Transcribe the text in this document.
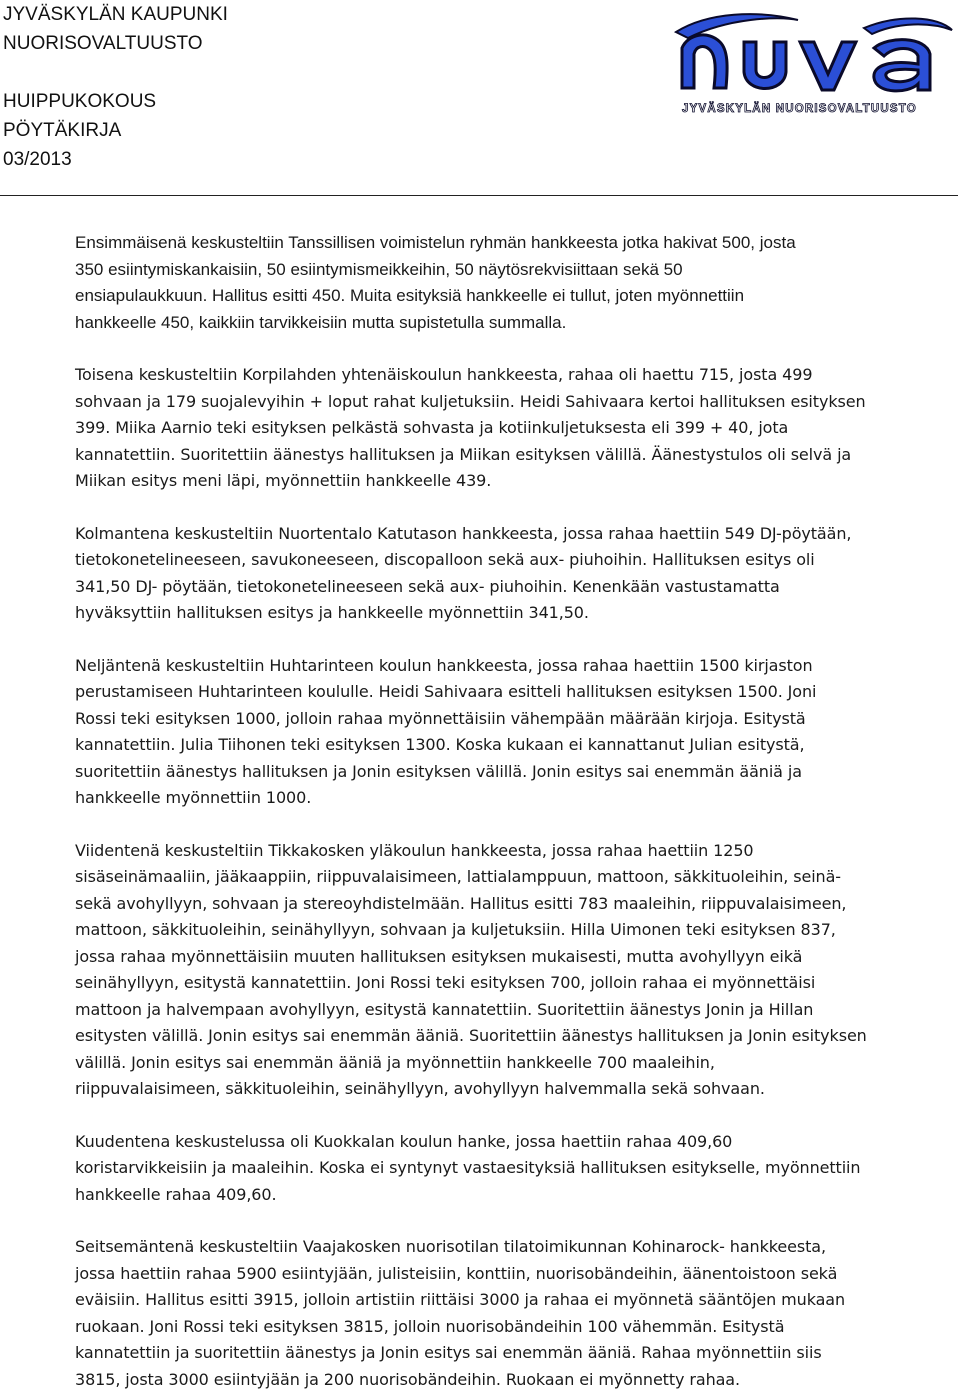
JYVÄSKYLÄN KAUPUNKI
NUORISOVALTUUSTO
HUIPPUKOKOUS
PÖYTÄKIRJA
03/2013
JYVÄSKYLÄN NUORISOVALTUUSTO
Ensimmäisenä keskusteltiin Tanssillisen voimistelun ryhmän hankkeesta jotka hakivat 500, josta
350 esiintymiskankaisiin, 50 esiintymismeikkeihin, 50 näytösrekvisiittaan sekä 50
ensiapulaukkuun. Hallitus esitti 450. Muita esityksiä hankkeelle ei tullut, joten myönnettiin
hankkeelle 450, kaikkiin tarvikkeisiin mutta supistetulla summalla.
Toisena keskusteltiin Korpilahden yhtenäiskoulun hankkeesta, rahaa oli haettu 715, josta 499
sohvaan ja 179 suojalevyihin + loput rahat kuljetuksiin. Heidi Sahivaara kertoi hallituksen esityksen
399. Miika Aarnio teki esityksen pelkästä sohvasta ja kotiinkuljetuksesta eli 399 + 40, jota
kannatettiin. Suoritettiin äänestys hallituksen ja Miikan esityksen välillä. Äänestystulos oli selvä ja
Miikan esitys meni läpi, myönnettiin hankkeelle 439.
Kolmantena keskusteltiin Nuortentalo Katutason hankkeesta, jossa rahaa haettiin 549 DJ-pöytään,
tietokonetelineeseen, savukoneeseen, discopalloon sekä aux- piuhoihin. Hallituksen esitys oli
341,50 DJ- pöytään, tietokonetelineeseen sekä aux- piuhoihin. Kenenkään vastustamatta
hyväksyttiin hallituksen esitys ja hankkeelle myönnettiin 341,50.
Neljäntenä keskusteltiin Huhtarinteen koulun hankkeesta, jossa rahaa haettiin 1500 kirjaston
perustamiseen Huhtarinteen koululle. Heidi Sahivaara esitteli hallituksen esityksen 1500. Joni
Rossi teki esityksen 1000, jolloin rahaa myönnettäisiin vähempään määrään kirjoja. Esitystä
kannatettiin. Julia Tiihonen teki esityksen 1300. Koska kukaan ei kannattanut Julian esitystä,
suoritettiin äänestys hallituksen ja Jonin esityksen välillä. Jonin esitys sai enemmän ääniä ja
hankkeelle myönnettiin 1000.
Viidentenä keskusteltiin Tikkakosken yläkoulun hankkeesta, jossa rahaa haettiin 1250
sisäseinämaaliin, jääkaappiin, riippuvalaisimeen, lattialamppuun, mattoon, säkkituoleihin, seinä-
sekä avohyllyyn, sohvaan ja stereoyhdistelmään. Hallitus esitti 783 maaleihin, riippuvalaisimeen,
mattoon, säkkituoleihin, seinähyllyyn, sohvaan ja kuljetuksiin. Hilla Uimonen teki esityksen 837,
jossa rahaa myönnettäisiin muuten hallituksen esityksen mukaisesti, mutta avohyllyyn eikä
seinähyllyyn, esitystä kannatettiin. Joni Rossi teki esityksen 700, jolloin rahaa ei myönnettäisi
mattoon ja halvempaan avohyllyyn, esitystä kannatettiin. Suoritettiin äänestys Jonin ja Hillan
esitysten välillä. Jonin esitys sai enemmän ääniä. Suoritettiin äänestys hallituksen ja Jonin esityksen
välillä. Jonin esitys sai enemmän ääniä ja myönnettiin hankkeelle 700 maaleihin,
riippuvalaisimeen, säkkituoleihin, seinähyllyyn, avohyllyyn halvemmalla sekä sohvaan.
Kuudentena keskustelussa oli Kuokkalan koulun hanke, jossa haettiin rahaa 409,60
koristarvikkeisiin ja maaleihin. Koska ei syntynyt vastaesityksiä hallituksen esitykselle, myönnettiin
hankkeelle rahaa 409,60.
Seitsemäntenä keskusteltiin Vaajakosken nuorisotilan tilatoimikunnan Kohinarock- hankkeesta,
jossa haettiin rahaa 5900 esiintyjään, julisteisiin, konttiin, nuorisobändeihin, äänentoistoon sekä
eväisiin. Hallitus esitti 3915, jolloin artistiin riittäisi 3000 ja rahaa ei myönnetä sääntöjen mukaan
ruokaan. Joni Rossi teki esityksen 3815, jolloin nuorisobändeihin 100 vähemmän. Esitystä
kannatettiin ja suoritettiin äänestys ja Jonin esitys sai enemmän ääniä. Rahaa myönnettiin siis
3815, josta 3000 esiintyjään ja 200 nuorisobändeihin. Ruokaan ei myönnetty rahaa.
